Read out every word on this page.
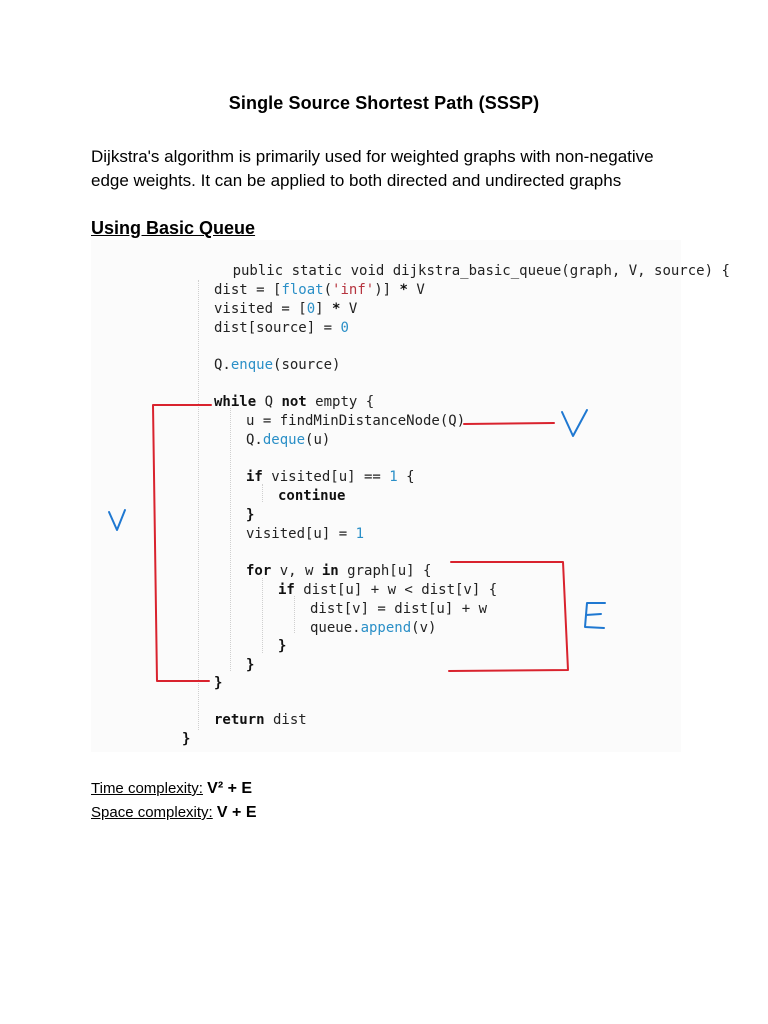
Single Source Shortest Path (SSSP)
Dijkstra's algorithm is primarily used for weighted graphs with non-negative edge weights. It can be applied to both directed and undirected graphs
Using Basic Queue

public static void dijkstra_basic_queue(graph, V, source) {

dist = [float('inf')] * V
visited = [0] * V
dist[source] = 0
Q.enque(source)
while Q not empty {
u = findMinDistanceNode(Q)
Q.deque(u)
if visited[u] == 1 {
continue
}
visited[u] = 1
for v, w in graph[u] {
if dist[u] + w < dist[v] {
dist[v] = dist[u] + w
queue.append(v)
}
}
}
return dist
}
Time complexity: V² + E
Space complexity: V + E
